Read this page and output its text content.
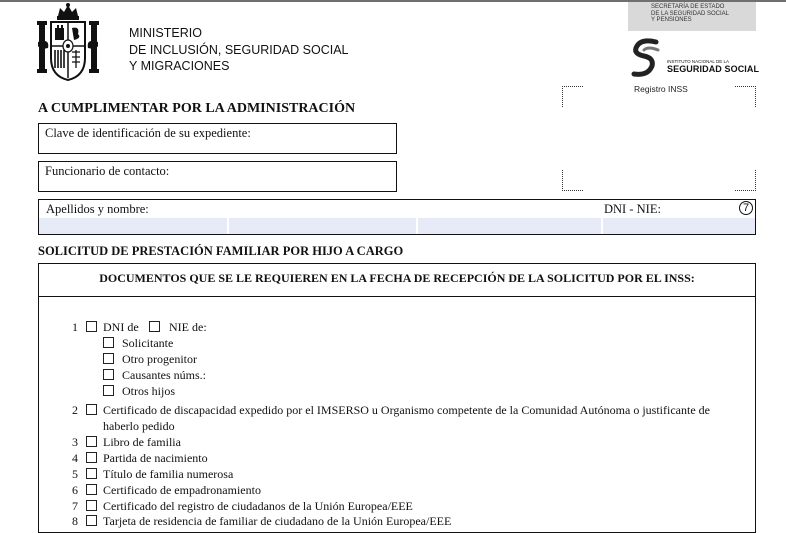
MINISTERIO
DE INCLUSIÓN, SEGURIDAD SOCIAL
Y MIGRACIONES
SECRETARÍA DE ESTADO
DE LA SEGURIDAD SOCIAL
Y PENSIONES
INSTITUTO NACIONAL DE LA
SEGURIDAD SOCIAL
Registro INSS
A CUMPLIMENTAR POR LA ADMINISTRACIÓN
Clave de identificación de su expediente:
Funcionario de contacto:
Apellidos y nombre:	DNI - NIE:	7
SOLICITUD DE PRESTACIÓN FAMILIAR POR HIJO A CARGO
DOCUMENTOS QUE SE LE REQUIEREN EN LA FECHA DE RECEPCIÓN DE LA SOLICITUD POR EL INSS:
1 DNI de	NIE de:
Solicitante
Otro progenitor
Causantes núms.:
Otros hijos
2 Certificado de discapacidad expedido por el IMSERSO u Organismo competente de la Comunidad Autónoma o justificante de
haberlo pedido
3 Libro de familia
4 Partida de nacimiento
5 Título de familia numerosa
6 Certificado de empadronamiento
7 Certificado del registro de ciudadanos de la Unión Europea/EEE
8 Tarjeta de residencia de familiar de ciudadano de la Unión Europea/EEE
